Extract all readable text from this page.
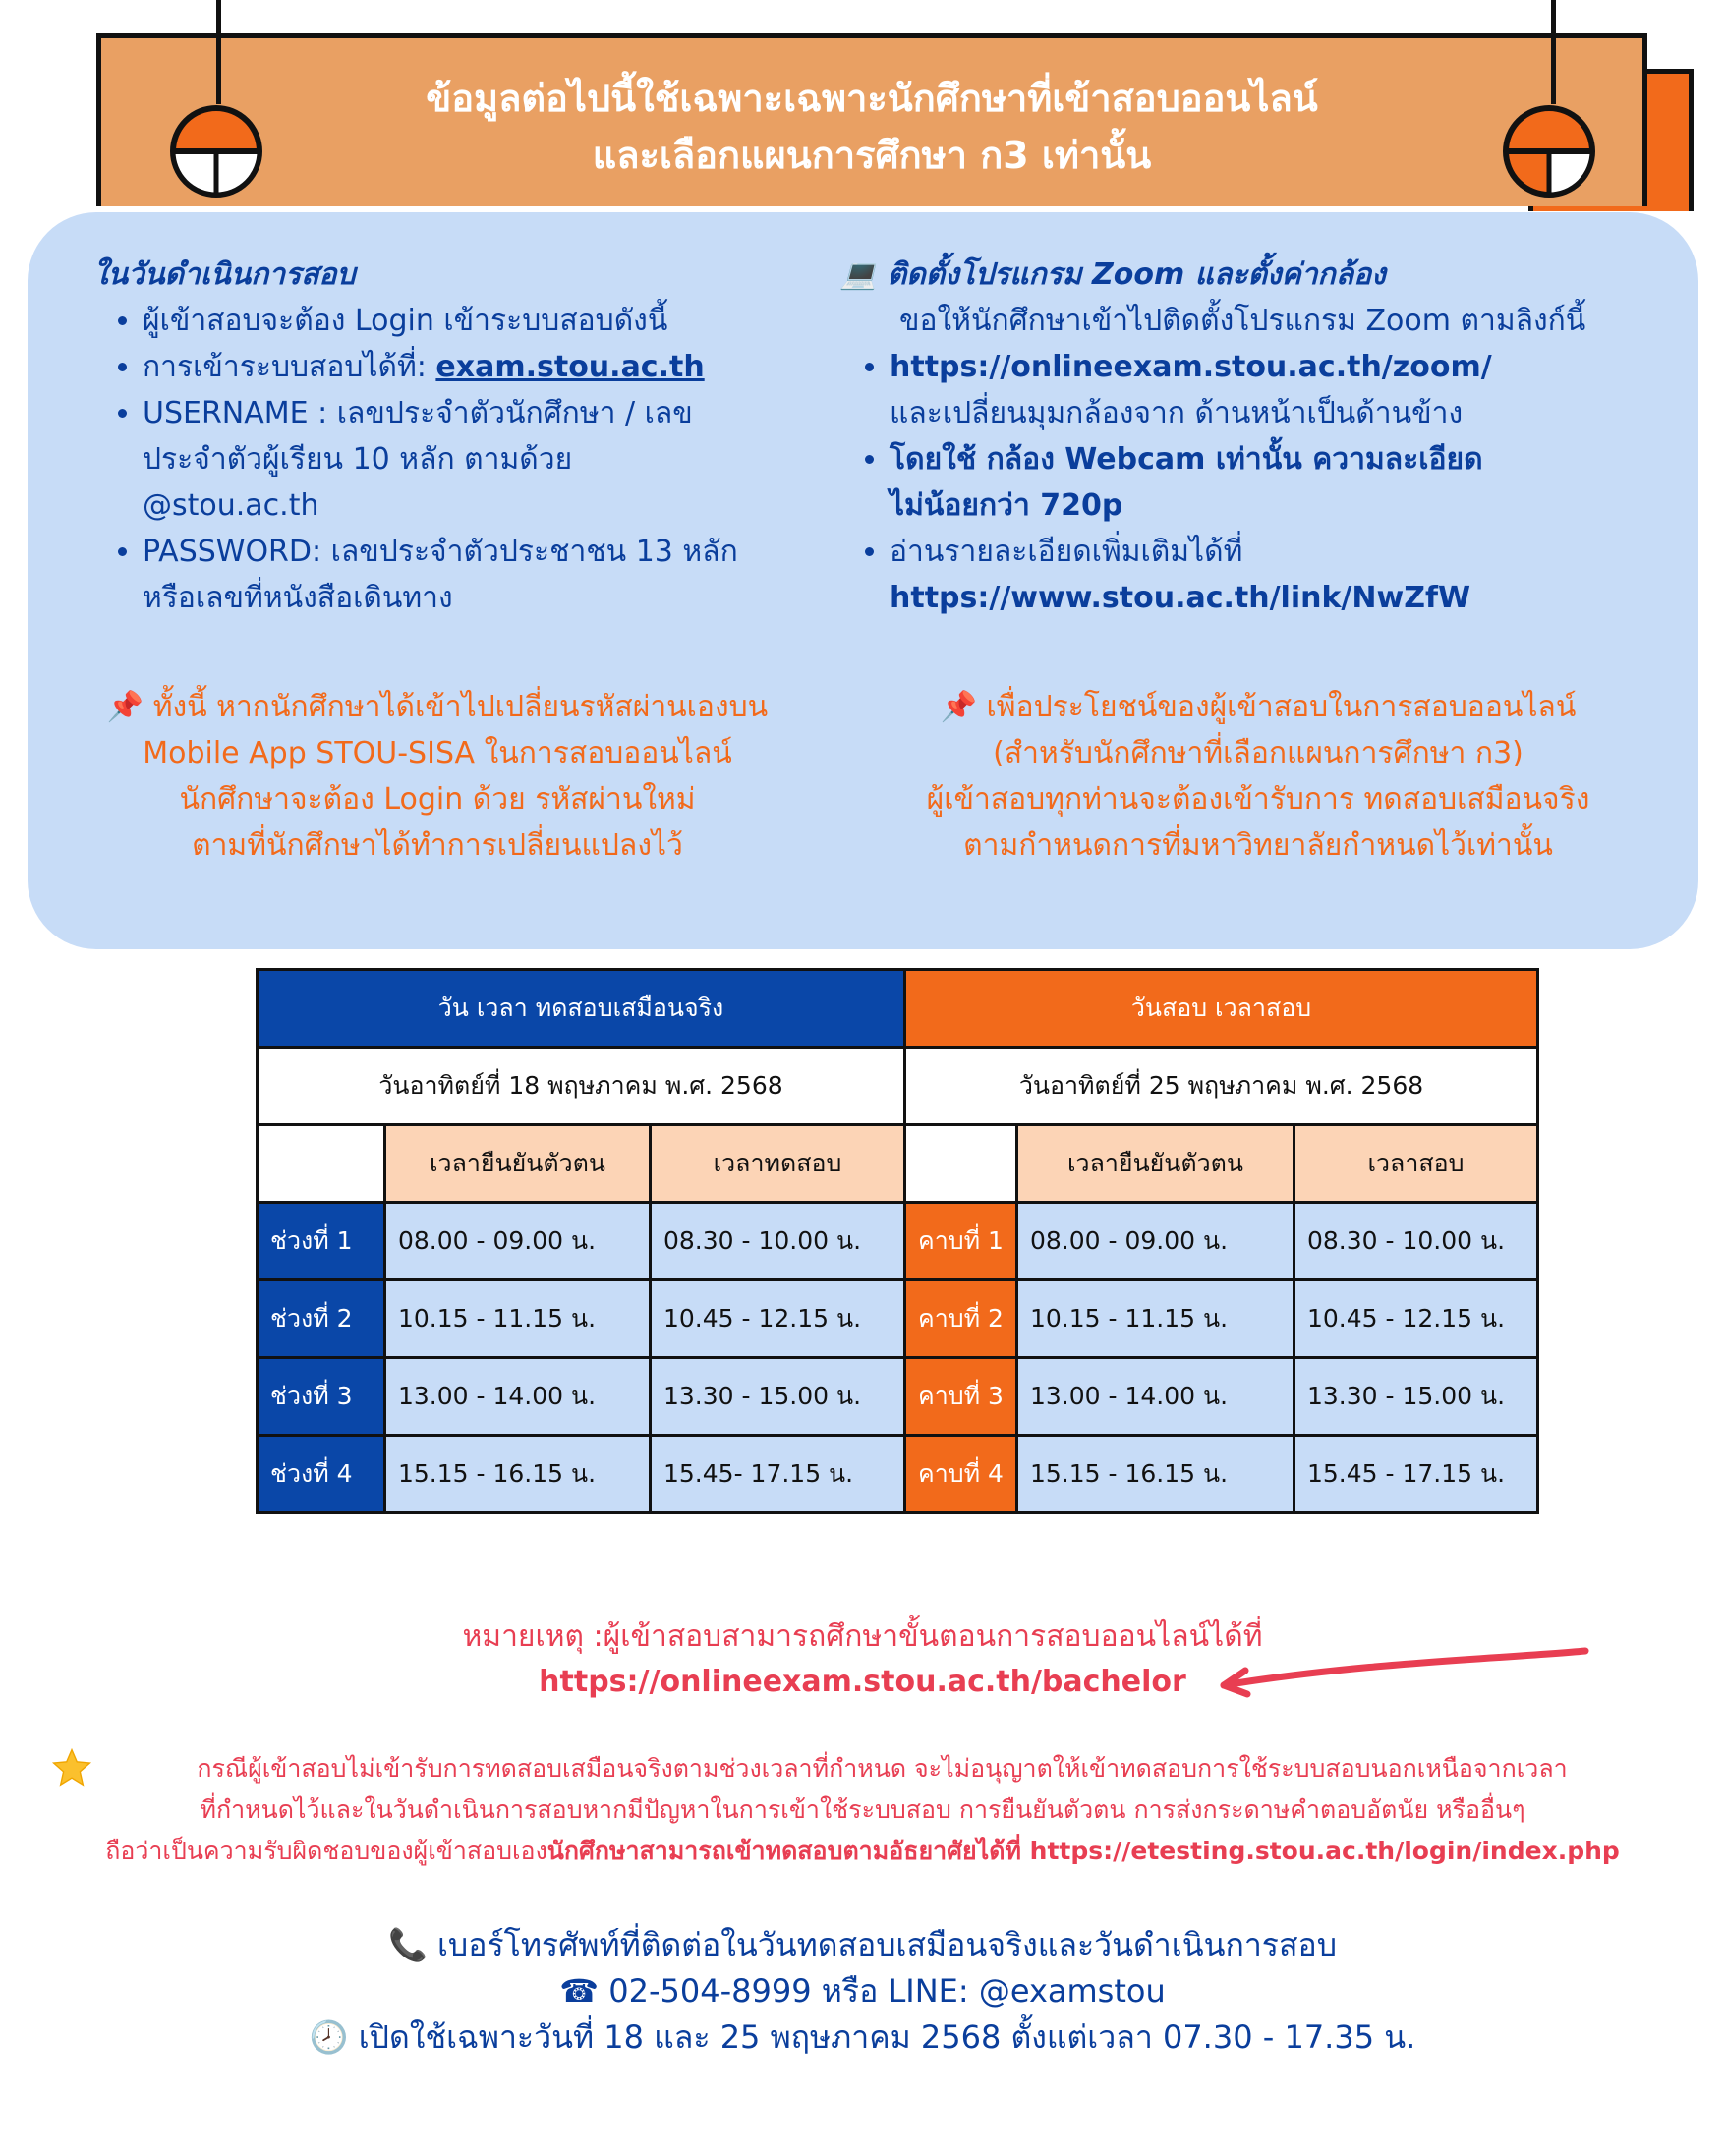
ข้อมูลต่อไปนี้ใช้เฉพาะเฉพาะนักศึกษาที่เข้าสอบออนไลน์
และเลือกแผนการศึกษา ก3 เท่านั้น
ในวันดำเนินการสอบ
• ผู้เข้าสอบจะต้อง Login เข้าระบบสอบดังนี้
• การเข้าระบบสอบได้ที่: exam.stou.ac.th
• USERNAME : เลขประจำตัวนักศึกษา / เลข
ประจำตัวผู้เรียน 10 หลัก ตามด้วย
@stou.ac.th
• PASSWORD: เลขประจำตัวประชาชน 13 หลัก
หรือเลขที่หนังสือเดินทาง
📌 ทั้งนี้ หากนักศึกษาได้เข้าไปเปลี่ยนรหัสผ่านเองบน
Mobile App STOU-SISA ในการสอบออนไลน์
นักศึกษาจะต้อง Login ด้วย รหัสผ่านใหม่
ตามที่นักศึกษาได้ทำการเปลี่ยนแปลงไว้
💻 ติดตั้งโปรแกรม Zoom และตั้งค่ากล้อง
ขอให้นักศึกษาเข้าไปติดตั้งโปรแกรม Zoom ตามลิงก์นี้
• https://onlineexam.stou.ac.th/zoom/
และเปลี่ยนมุมกล้องจาก ด้านหน้าเป็นด้านข้าง
• โดยใช้ กล้อง Webcam เท่านั้น ความละเอียด
ไม่น้อยกว่า 720p
• อ่านรายละเอียดเพิ่มเติมได้ที่
https://www.stou.ac.th/link/NwZfW
📌 เพื่อประโยชน์ของผู้เข้าสอบในการสอบออนไลน์
(สำหรับนักศึกษาที่เลือกแผนการศึกษา ก3)
ผู้เข้าสอบทุกท่านจะต้องเข้ารับการ ทดสอบเสมือนจริง
ตามกำหนดการที่มหาวิทยาลัยกำหนดไว้เท่านั้น
วัน เวลา ทดสอบเสมือนจริง			วันสอบ เวลาสอบ		
วันอาทิตย์ที่ 18 พฤษภาคม พ.ศ. 2568			วันอาทิตย์ที่ 25 พฤษภาคม พ.ศ. 2568		
	เวลายืนยันตัวตน	เวลาทดสอบ		เวลายืนยันตัวตน	เวลาสอบ
ช่วงที่ 1	08.00 - 09.00 น.	08.30 - 10.00 น.	คาบที่ 1	08.00 - 09.00 น.	08.30 - 10.00 น.
ช่วงที่ 2	10.15 - 11.15 น.	10.45 - 12.15 น.	คาบที่ 2	10.15 - 11.15 น.	10.45 - 12.15 น.
ช่วงที่ 3	13.00 - 14.00 น.	13.30 - 15.00 น.	คาบที่ 3	13.00 - 14.00 น.	13.30 - 15.00 น.
ช่วงที่ 4	15.15 - 16.15 น.	15.45- 17.15 น.	คาบที่ 4	15.15 - 16.15 น.	15.45 - 17.15 น.
หมายเหตุ :ผู้เข้าสอบสามารถศึกษาขั้นตอนการสอบออนไลน์ได้ที่
https://onlineexam.stou.ac.th/bachelor
กรณีผู้เข้าสอบไม่เข้ารับการทดสอบเสมือนจริงตามช่วงเวลาที่กำหนด จะไม่อนุญาตให้เข้าทดสอบการใช้ระบบสอบนอกเหนือจากเวลา
ที่กำหนดไว้และในวันดำเนินการสอบหากมีปัญหาในการเข้าใช้ระบบสอบ การยืนยันตัวตน การส่งกระดาษคำตอบอัตนัย หรืออื่นๆ
ถือว่าเป็นความรับผิดชอบของผู้เข้าสอบเองนักศึกษาสามารถเข้าทดสอบตามอัธยาศัยได้ที่ https://etesting.stou.ac.th/login/index.php
📞 เบอร์โทรศัพท์ที่ติดต่อในวันทดสอบเสมือนจริงและวันดำเนินการสอบ
☎ 02-504-8999 หรือ LINE: @examstou
🕗 เปิดใช้เฉพาะวันที่ 18 และ 25 พฤษภาคม 2568 ตั้งแต่เวลา 07.30 - 17.35 น.
